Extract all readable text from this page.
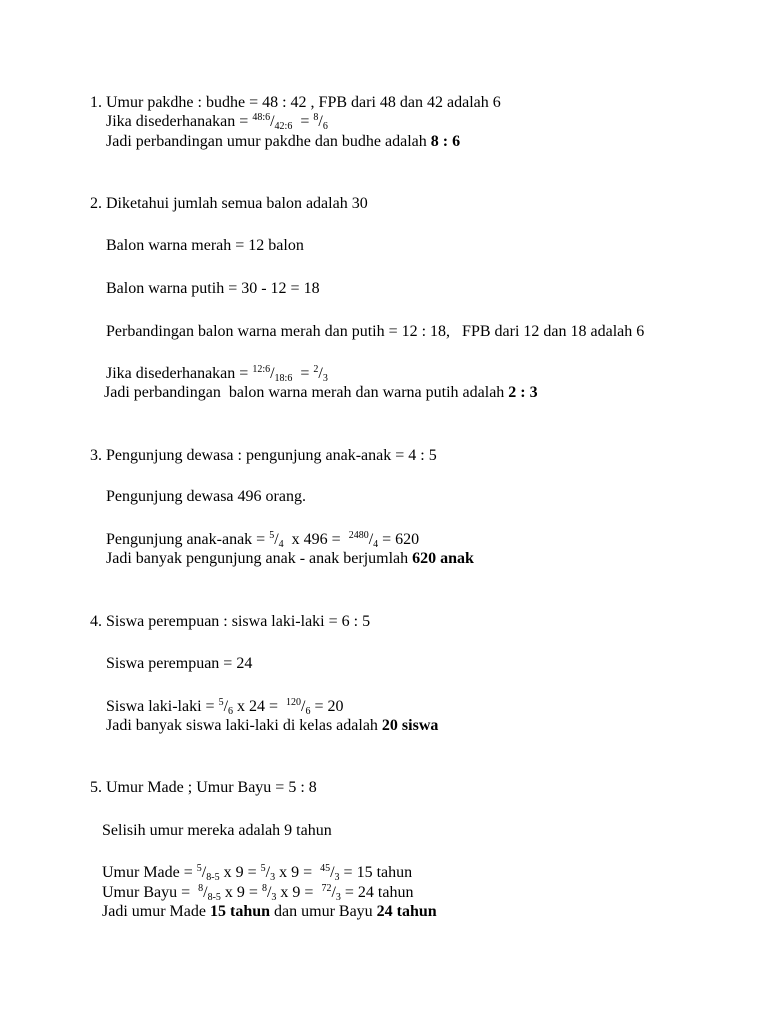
1. Umur pakdhe : budhe = 48 : 42 , FPB dari 48 dan 42 adalah 6
Jika disederhanakan = $^{48:6}/_{42:6} = ^8/_6$
Jadi perbandingan umur pakdhe dan budhe adalah 8 : 6
2. Diketahui jumlah semua balon adalah 30
Balon warna merah = 12 balon
Balon warna putih = 30 - 12 = 18
Perbandingan balon warna merah dan putih = 12 : 18,   FPB dari 12 dan 18 adalah 6
Jika disederhanakan = $^{12:6}/_{18:6} = ^2/_3$
Jadi perbandingan  balon warna merah dan warna putih adalah 2 : 3
3. Pengunjung dewasa : pengunjung anak-anak = 4 : 5
Pengunjung dewasa 496 orang.
Pengunjung anak-anak = $^5/_4$  x $496 = ^{2480}/_4 = 620$
Jadi banyak pengunjung anak - anak berjumlah 620 anak
4. Siswa perempuan : siswa laki-laki = 6 : 5
Siswa perempuan = 24
Siswa laki-laki = $^5/_6$ x $24 = ^{120}/_6 = 20$
Jadi banyak siswa laki-laki di kelas adalah 20 siswa
5. Umur Made ; Umur Bayu = 5 : 8
Selisih umur mereka adalah 9 tahun
Umur Made = $^5/_{8-5}$ x $9 = ^5/_3$ x $9 = ^{45}/_3 = 15$ tahun
Umur Bayu =  $^8/_{8-5}$ x $9 = ^8/_3$ x $9 = ^{72}/_3 = 24$ tahun
Jadi umur Made 15 tahun dan umur Bayu 24 tahun
